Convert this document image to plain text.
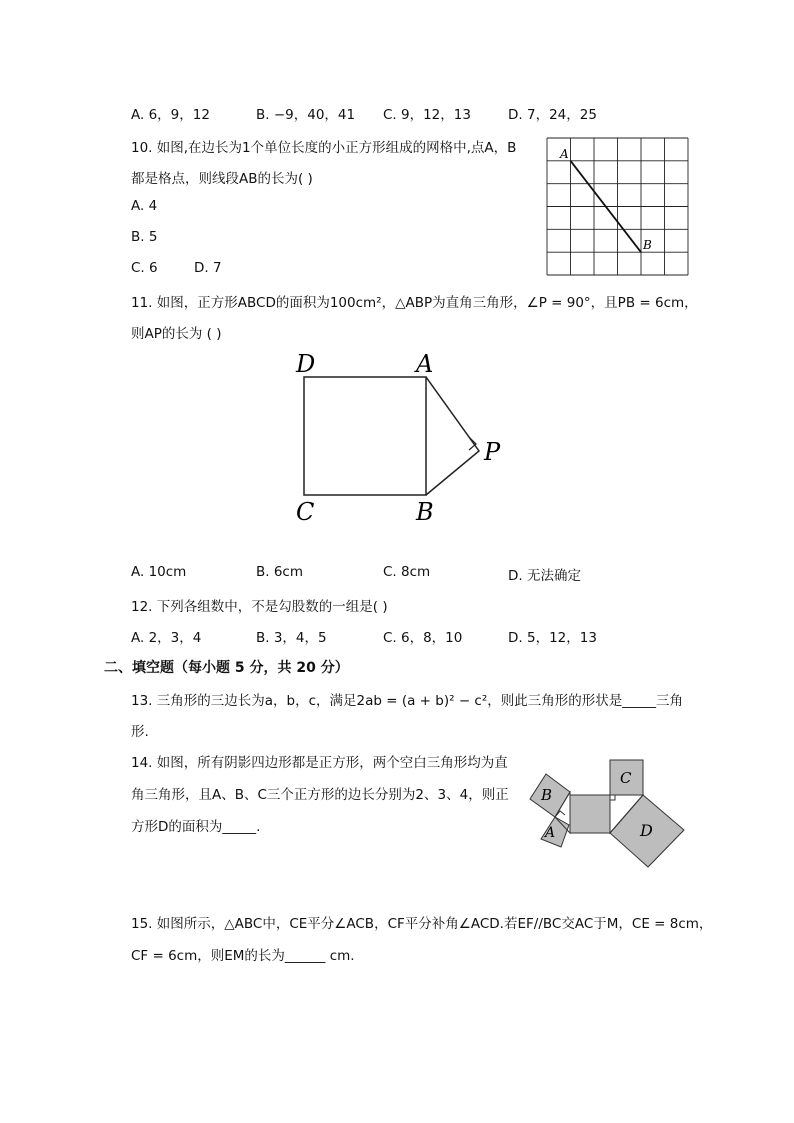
A. 6，9，12	B. −9，40，41 C. 9，12，13	D. 7，24，25
10. 如图,在边长为1个单位长度的小正方形组成的网格中,点A，B
都是格点，则线段AB的长为( )
A. 4
B. 5
C. 6	D. 7
A
B
11. 如图，正方形ABCD的面积为100cm²，△ABP为直角三角形，∠P = 90°，且PB = 6cm，
则AP的长为 ( )
D	A
P
C	B
A. 10cm	B. 6cm	C. 8cm	D. 无法确定
12. 下列各组数中，不是勾股数的一组是( )
A. 2，3，4	B. 3，4，5	C. 6，8，10	D. 5，12，13
二、填空题（每小题 5 分，共 20 分）
13. 三角形的三边长为a，b，c，满足2ab = (a + b)² − c²，则此三角形的形状是_____三角
形.
14. 如图，所有阴影四边形都是正方形，两个空白三角形均为直
角三角形，且A、B、C三个正方形的边长分别为2、3、4，则正
方形D的面积为_____.
B
A
C
D
15. 如图所示，△ABC中，CE平分∠ACB，CF平分补角∠ACD.若EF//BC交AC于M，CE = 8cm，
CF = 6cm，则EM的长为______ cm.
